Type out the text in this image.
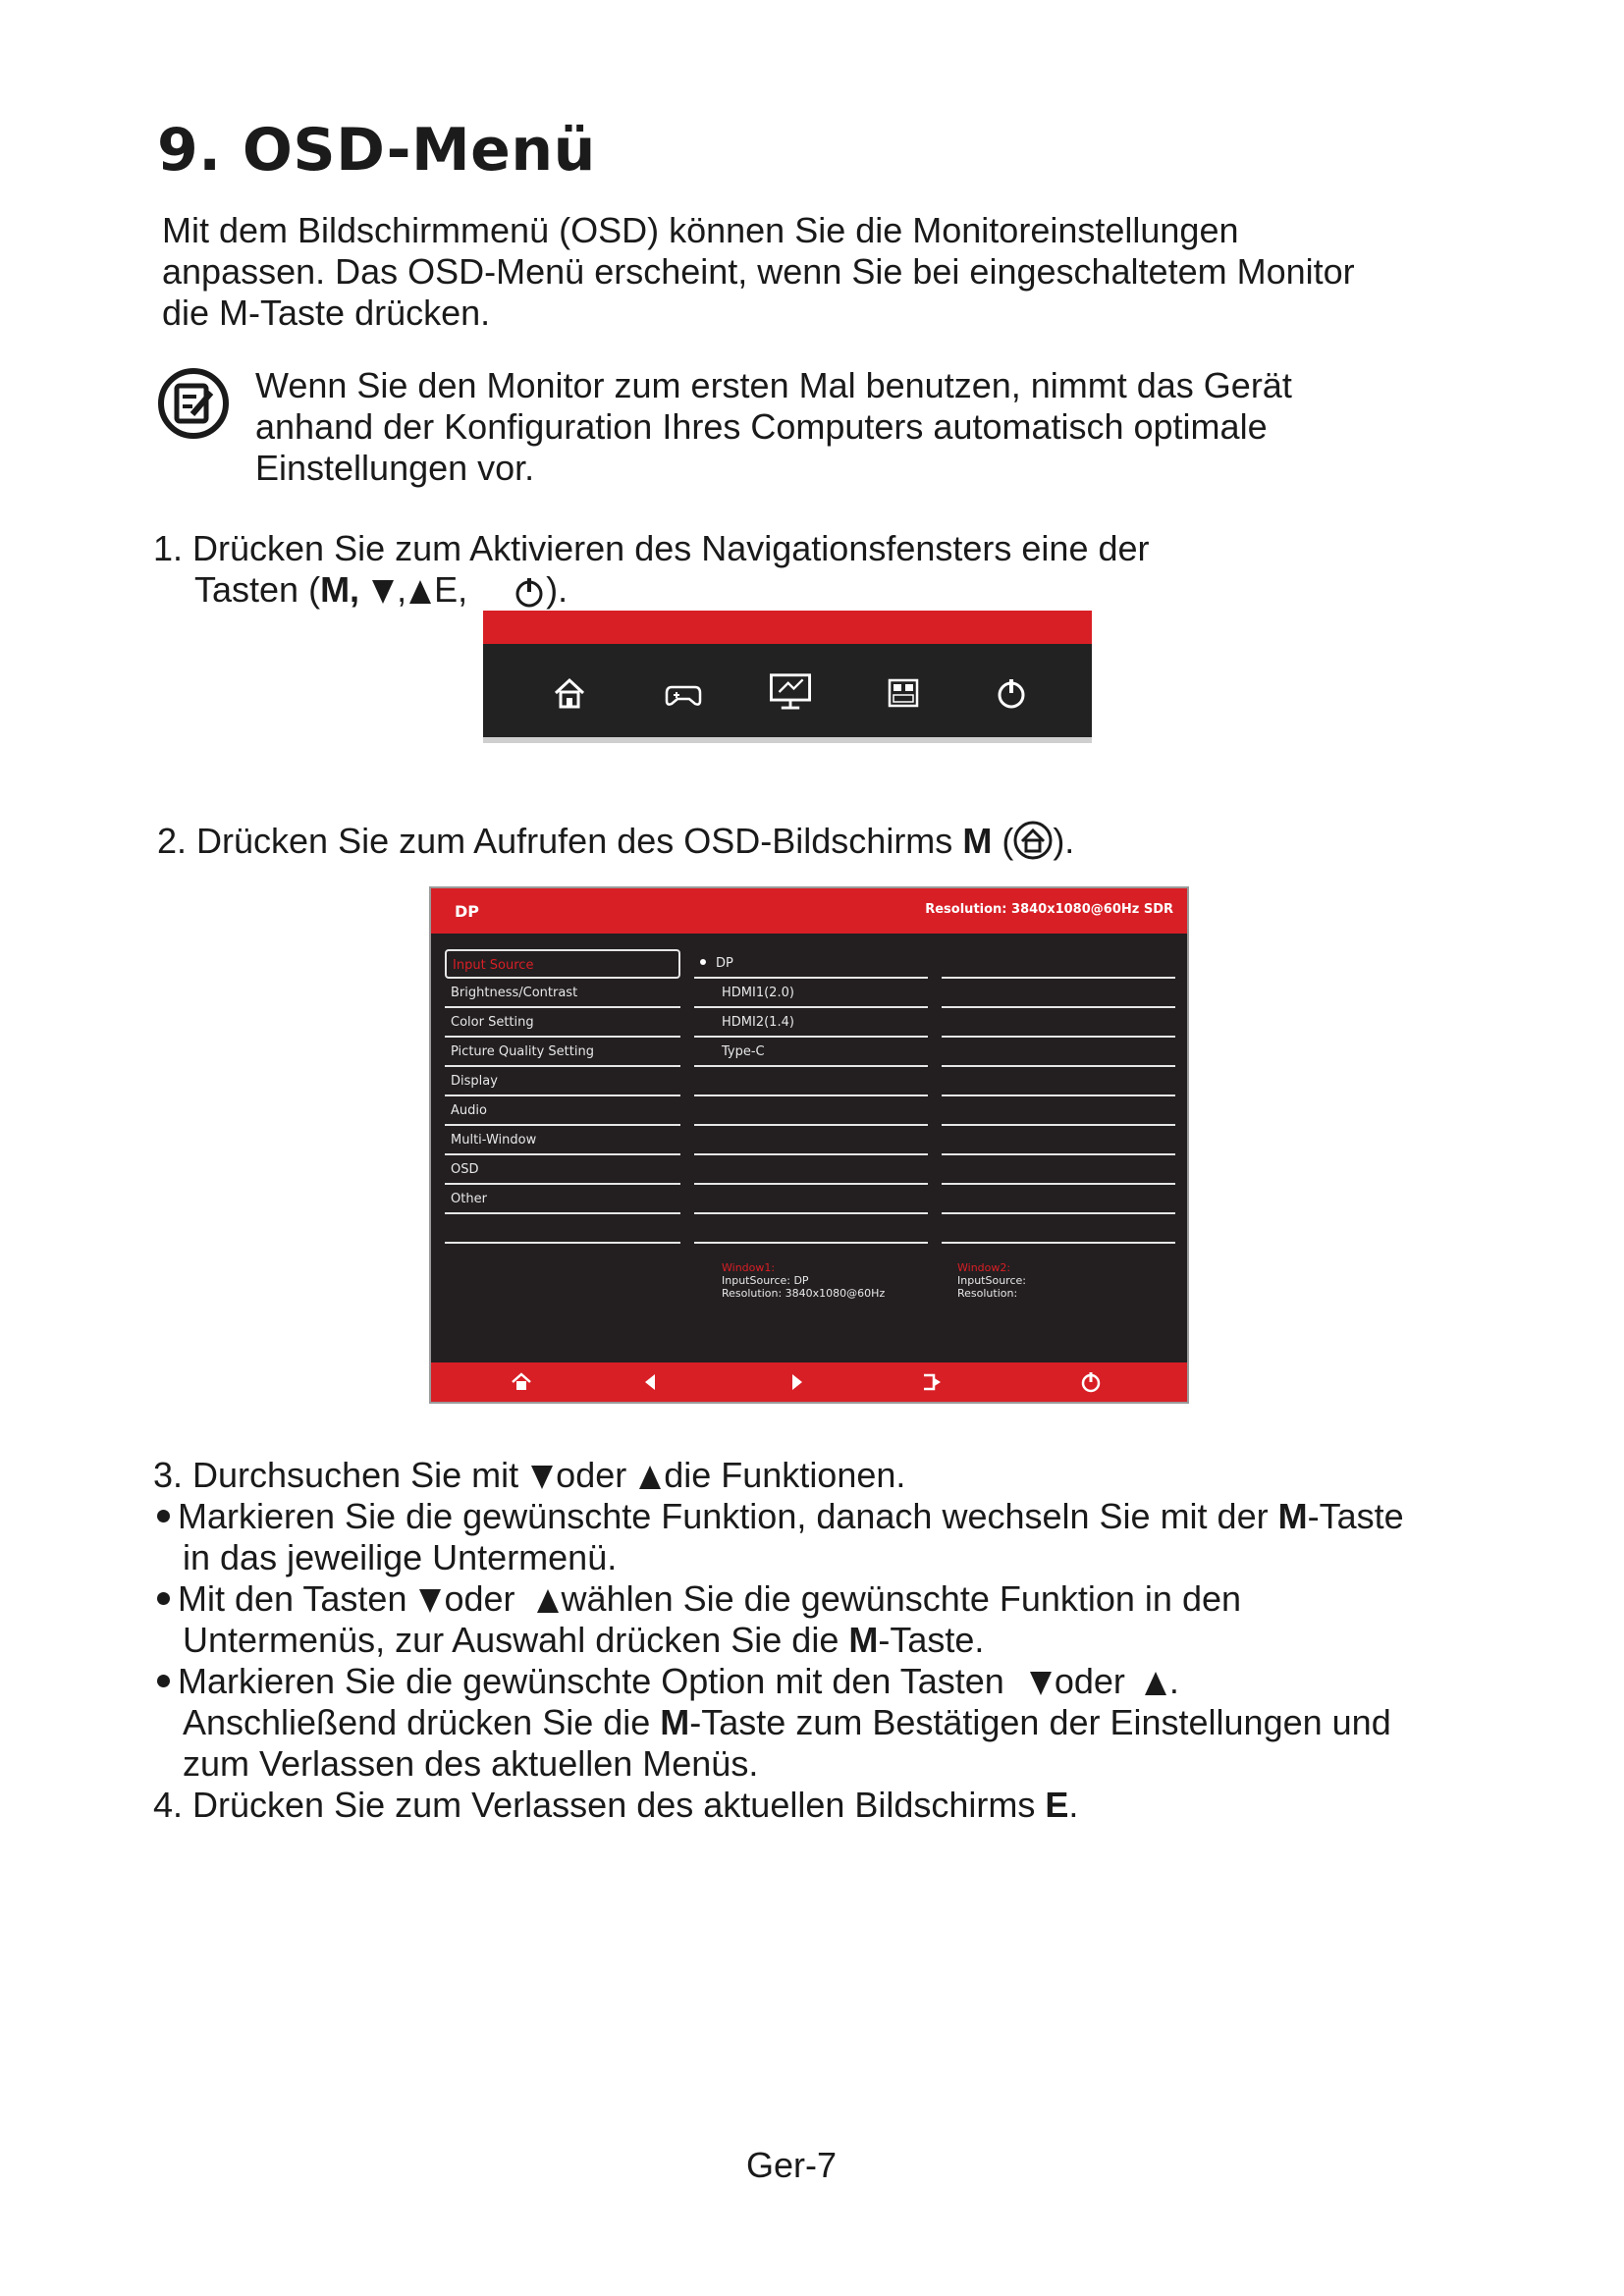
9. OSD-Menü
Mit dem Bildschirmmenü (OSD) können Sie die Monitoreinstellungen
anpassen. Das OSD-Menü erscheint, wenn Sie bei eingeschaltetem Monitor
die M-Taste drücken.
Wenn Sie den Monitor zum ersten Mal benutzen, nimmt das Gerät
anhand der Konfiguration Ihres Computers automatisch optimale
Einstellungen vor.
1. Drücken Sie zum Aktivieren des Navigationsfensters eine der
Tasten (M, , E, ).
2. Drücken Sie zum Aufrufen des OSD-Bildschirms M ( ).
DP	Resolution: 3840x1080@60Hz SDR
Input Source
Brightness/Contrast
Color Setting
Picture Quality Setting
Display
Audio
Multi-Window
OSD
Other
DP
HDMI1(2.0)
HDMI2(1.4)
Type-C
Window1:
InputSource: DP
Resolution: 3840x1080@60Hz
Window2:
InputSource:
Resolution:
3. Durchsuchen Sie mit oder die Funktionen.
Markieren Sie die gewünschte Funktion, danach wechseln Sie mit der M-Taste
in das jeweilige Untermenü.
Mit den Tasten oder wählen Sie die gewünschte Funktion in den
Untermenüs, zur Auswahl drücken Sie die M-Taste.
Markieren Sie die gewünschte Option mit den Tasten oder .
Anschließend drücken Sie die M-Taste zum Bestätigen der Einstellungen und
zum Verlassen des aktuellen Menüs.
4. Drücken Sie zum Verlassen des aktuellen Bildschirms E.
Ger-7
